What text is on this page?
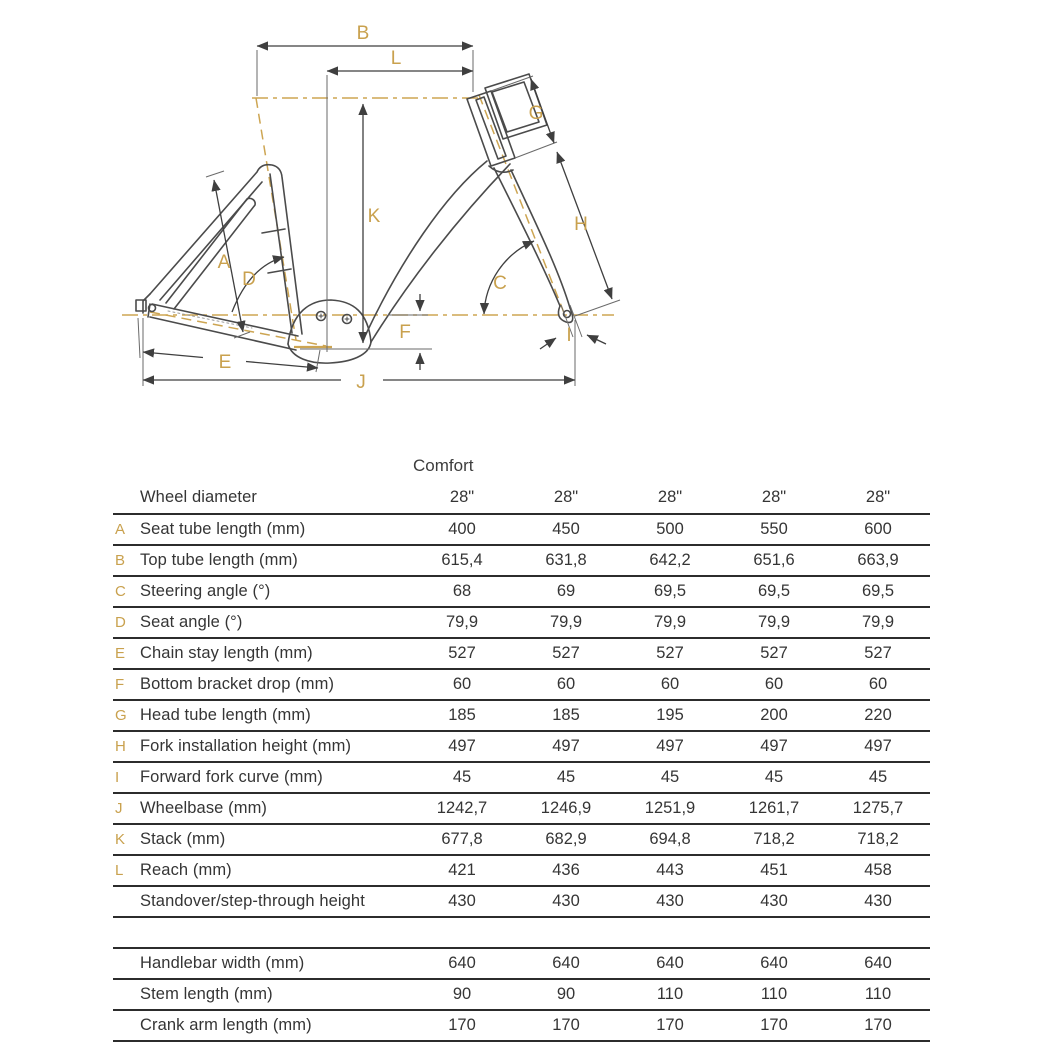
A
B
C
D
E
F
G
H
I
J
K
L
Comfort
Wheel diameter	28"	28"	28"	28"	28"
A Seat tube length (mm)	400	450	500	550	600
B Top tube length (mm)	615,4	631,8	642,2	651,6	663,9
C Steering angle (°)	68	69	69,5	69,5	69,5
D Seat angle (°)	79,9	79,9	79,9	79,9	79,9
E Chain stay length (mm)	527	527	527	527	527
F Bottom bracket drop (mm)	60	60	60	60	60
G Head tube length (mm)	185	185	195	200	220
H Fork installation height (mm)	497	497	497	497	497
I	Forward fork curve (mm)	45	45	45	45	45
J	Wheelbase (mm)	1242,7	1246,9	1251,9	1261,7	1275,7
K Stack (mm)	677,8	682,9	694,8	718,2	718,2
L	Reach (mm)	421	436	443	451	458
Standover/step-through height	430	430	430	430	430
Handlebar width (mm)	640	640	640	640	640
Stem length (mm)	90	90	110	110	110
Crank arm length (mm)	170	170	170	170	170
